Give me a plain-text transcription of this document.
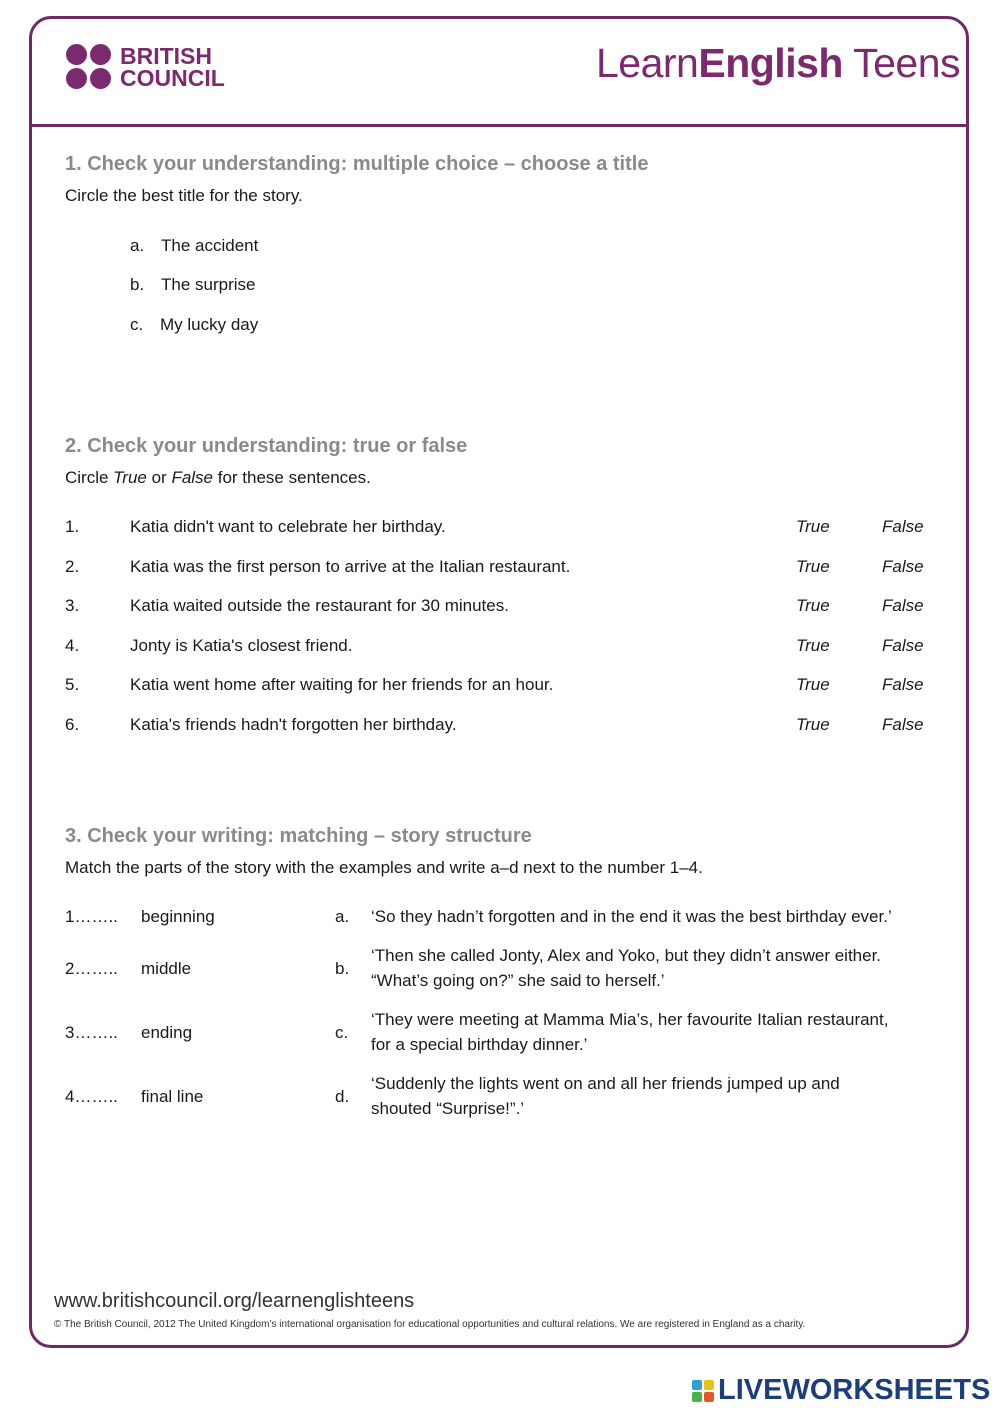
BRITISH
COUNCIL	LearnEnglish Teens
1. Check your understanding: multiple choice – choose a title
Circle the best title for the story.
a. The accident
b. The surprise
c. My lucky day
2. Check your understanding: true or false
Circle True or False for these sentences.
1.	Katia didn't want to celebrate her birthday.	True	False
2.	Katia was the first person to arrive at the Italian restaurant.	True	False
3.	Katia waited outside the restaurant for 30 minutes.	True	False
4.	Jonty is Katia's closest friend.	True	False
5.	Katia went home after waiting for her friends for an hour.	True	False
6.	Katia's friends hadn't forgotten her birthday.	True	False
3. Check your writing: matching – story structure
Match the parts of the story with the examples and write a–d next to the number 1–4.
1…….. beginning	a. ‘So they hadn’t forgotten and in the end it was the best birthday ever.’
2…….. middle	b.
‘Then she called Jonty, Alex and Yoko, but they didn’t answer either.
“What’s going on?” she said to herself.’
3…….. ending	c.
‘They were meeting at Mamma Mia’s, her favourite Italian restaurant,
for a special birthday dinner.’
4…….. final line	d.
‘Suddenly the lights went on and all her friends jumped up and
shouted “Surprise!”.’
www.britishcouncil.org/learnenglishteens
© The British Council, 2012 The United Kingdom’s international organisation for educational opportunities and cultural relations. We are registered in England as a charity.
LIVEWORKSHEETS
